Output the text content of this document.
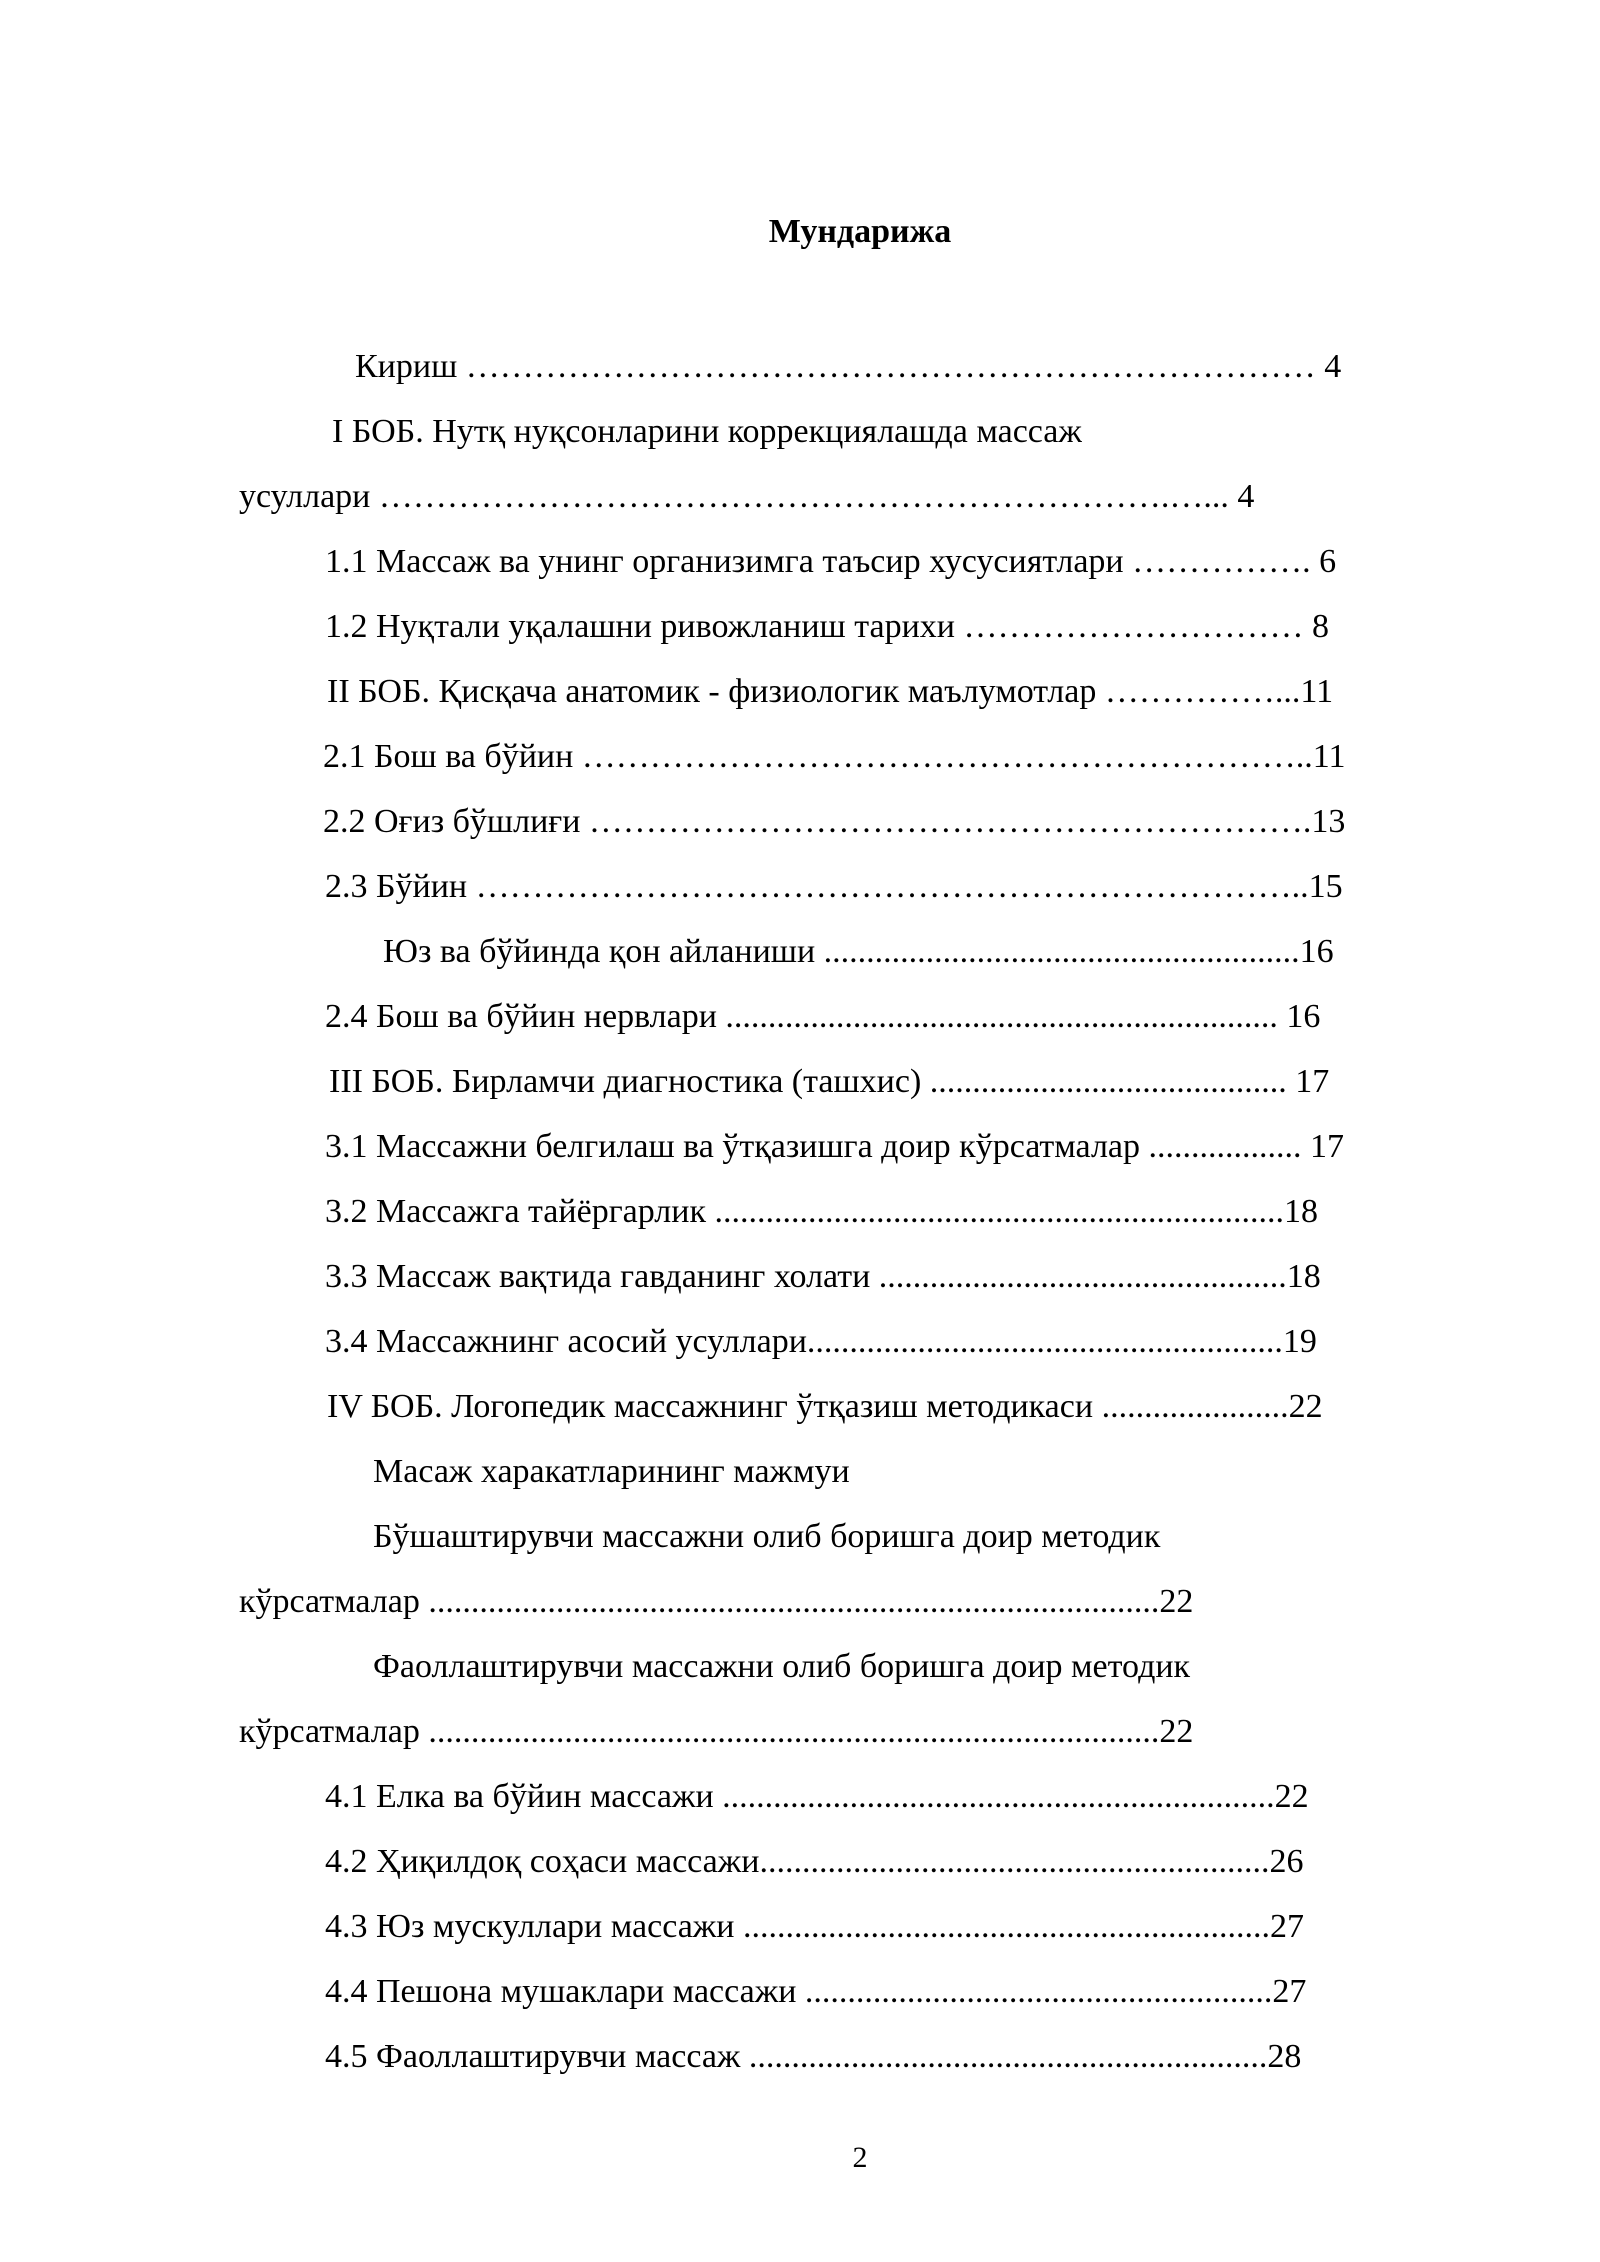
Мундарижа
Кириш ………………………………………………………………… 4
I БОБ. Нутқ нуқсонларини коррекциялашда массаж
усуллари …………………………………………………………….…... 4
1.1 Массаж ва унинг организимга таъсир хусусиятлари ……………. 6
1.2 Нуқтали уқалашни ривожланиш тарихи ………………………… 8
II БОБ. Қисқача анатомик - физиологик маълумотлар ……………...11
2.1 Бош ва бўйин ………………………………………………………..11
2.2 Оғиз бўшлиғи ……………………………………………………….13
2.3 Бўйин ………………………………………………………………..15
Юз ва бўйинда қон айланиши ........................................................16
2.4 Бош ва бўйин нервлари ................................................................. 16
III БОБ. Бирламчи диагностика (ташхис) .......................................... 17
3.1 Массажни белгилаш ва ўтқазишга доир кўрсатмалар .................. 17
3.2 Массажга тайёргарлик ...................................................................18
3.3 Массаж вақтида гавданинг холати ................................................18
3.4 Массажнинг асосий усуллари........................................................19
IV БОБ. Логопедик массажнинг ўтқазиш методикаси ......................22
Масаж харакатларининг мажмуи
Бўшаштирувчи массажни олиб боришга доир методик
кўрсатмалар ......................................................................................22
Фаоллаштирувчи массажни олиб боришга доир методик
кўрсатмалар ......................................................................................22
4.1 Елка ва бўйин массажи .................................................................22
4.2 Ҳиқилдоқ соҳаси массажи............................................................26
4.3 Юз мускуллари массажи ..............................................................27
4.4 Пешона мушаклари массажи .......................................................27
4.5 Фаоллаштирувчи массаж .............................................................28
2
